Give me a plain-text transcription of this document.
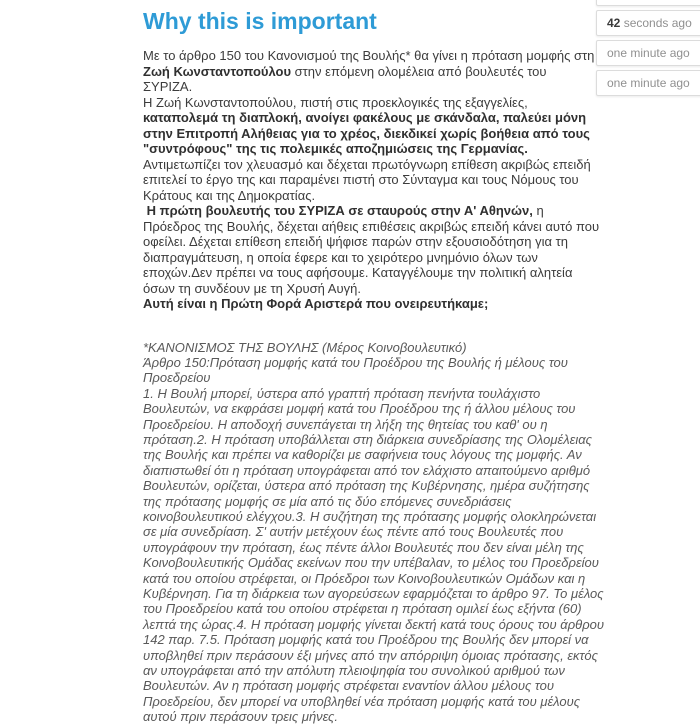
Why this is important
Με το άρθρο 150 του Κανονισμού της Βουλής* θα γίνει η πρόταση μομφής στη
Ζωή Κωνσταντοπούλου στην επόμενη ολομέλεια από βουλευτές του
ΣΥΡΙΖΑ.
Η Ζωή Κωνσταντοπούλου, πιστή στις προεκλογικές της εξαγγελίες,
καταπολεμά τη διαπλοκή, ανοίγει φακέλους με σκάνδαλα, παλεύει μόνη
στην Επιτροπή Αλήθειας για το χρέος, διεκδικεί χωρίς βοήθεια από τους
"συντρόφους" της τις πολεμικές αποζημιώσεις της Γερμανίας.
Αντιμετωπίζει τον χλευασμό και δέχεται πρωτόγνωρη επίθεση ακριβώς επειδή
επιτελεί το έργο της και παραμένει πιστή στο Σύνταγμα και τους Νόμους του
Κράτους και της Δημοκρατίας.
Η πρώτη βουλευτής του ΣΥΡΙΖΑ σε σταυρούς στην Α' Αθηνών, η
Πρόεδρος της Βουλής, δέχεται αήθεις επιθέσεις ακριβώς επειδή κάνει αυτό που
οφείλει. Δέχεται επίθεση επειδή ψήφισε παρών στην εξουσιοδότηση για τη
διαπραγμάτευση, η οποία έφερε και το χειρότερο μνημόνιο όλων των
εποχών.Δεν πρέπει να τους αφήσουμε. Καταγγέλουμε την πολιτική αλητεία
όσων τη συνδέουν με τη Χρυσή Αυγή.
Αυτή είναι η Πρώτη Φορά Αριστερά που ονειρευτήκαμε;

*ΚΑΝΟΝΙΣΜΟΣ ΤΗΣ ΒΟΥΛΗΣ (Μέρος Κοινοβουλευτικό)
Άρθρο 150:Πρόταση μομφής κατά του Προέδρου της Βουλής ή μέλους του
Προεδρείου
1. Η Βουλή μπορεί, ύστερα από γραπτή πρόταση πενήντα τουλάχιστο
Βουλευτών, να εκφράσει μομφή κατά του Προέδρου της ή άλλου μέλους του
Προεδρείου. Η αποδοχή συνεπάγεται τη λήξη της θητείας του καθ' ου η
πρόταση.2. Η πρόταση υποβάλλεται στη διάρκεια συνεδρίασης της Ολομέλειας
της Βουλής και πρέπει να καθορίζει με σαφήνεια τους λόγους της μομφής. Αν
διαπιστωθεί ότι η πρόταση υπογράφεται από τον ελάχιστο απαιτούμενο αριθμό
Βουλευτών, ορίζεται, ύστερα από πρόταση της Κυβέρνησης, ημέρα συζήτησης
της πρότασης μομφής σε μία από τις δύο επόμενες συνεδριάσεις
κοινοβουλευτικού ελέγχου.3. Η συζήτηση της πρότασης μομφής ολοκληρώνεται
σε μία συνεδρίαση. Σ' αυτήν μετέχουν έως πέντε από τους Βουλευτές που
υπογράφουν την πρόταση, έως πέντε άλλοι Βουλευτές που δεν είναι μέλη της
Κοινοβουλευτικής Ομάδας εκείνων που την υπέβαλαν, το μέλος του Προεδρείου
κατά του οποίου στρέφεται, οι Πρόεδροι των Κοινοβουλευτικών Ομάδων και η
Κυβέρνηση. Για τη διάρκεια των αγορεύσεων εφαρμόζεται το άρθρο 97. Το μέλος
του Προεδρείου κατά του οποίου στρέφεται η πρόταση ομιλεί έως εξήντα (60)
λεπτά της ώρας.4. Η πρόταση μομφής γίνεται δεκτή κατά τους όρους του άρθρου
142 παρ. 7.5. Πρόταση μομφής κατά του Προέδρου της Βουλής δεν μπορεί να
υποβληθεί πριν περάσουν έξι μήνες από την απόρριψη όμοιας πρότασης, εκτός
αν υπογράφεται από την απόλυτη πλειοψηφία του συνολικού αριθμού των
Βουλευτών. Αν η πρόταση μομφής στρέφεται εναντίον άλλου μέλους του
Προεδρείου, δεν μπορεί να υποβληθεί νέα πρόταση μομφής κατά του μέλους
αυτού πριν περάσουν τρεις μήνες.

42 seconds ago
one minute ago
one minute ago
